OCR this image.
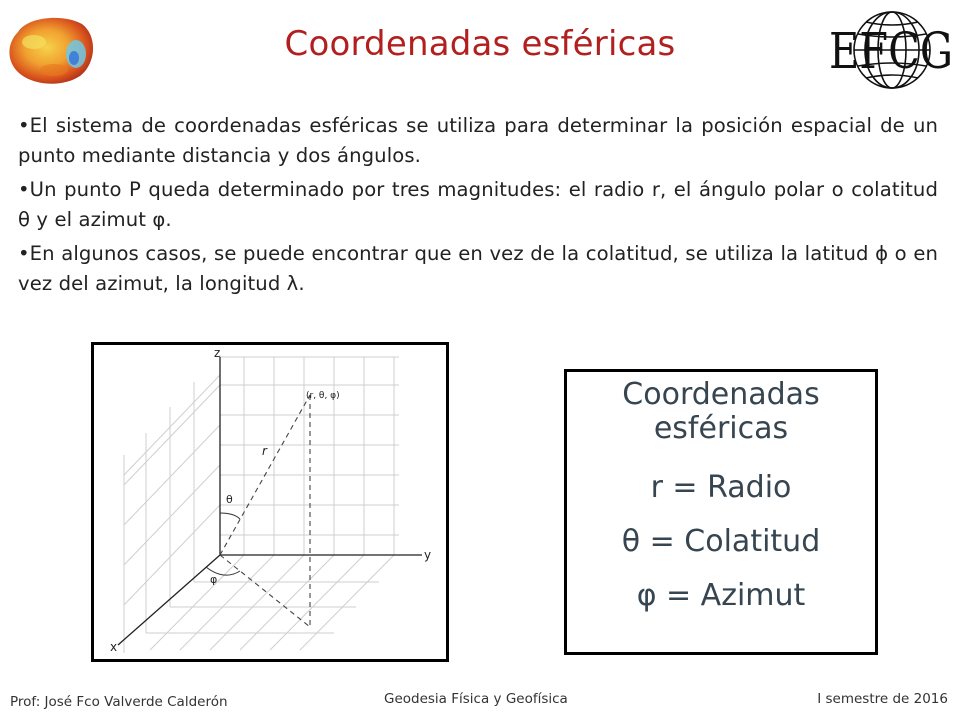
Coordenadas esféricas	EFCG

• El sistema de coordenadas esféricas se utiliza para determinar la posición espacial de un punto mediante distancia y dos ángulos.

• Un punto P queda determinado por tres magnitudes: el radio r, el ángulo polar o colatitud θ y el azimut φ.

• En algunos casos, se puede encontrar que en vez de la colatitud, se utiliza la latitud ϕ o en vez del azimut, la longitud λ.

z
y
x
(r, θ, φ)
r
θ
φ
Coordenadas
esféricas
r = Radio
θ = Colatitud
φ = Azimut
Prof: José Fco Valverde Calderón	Geodesia Física y Geofísica	I semestre de 2016
